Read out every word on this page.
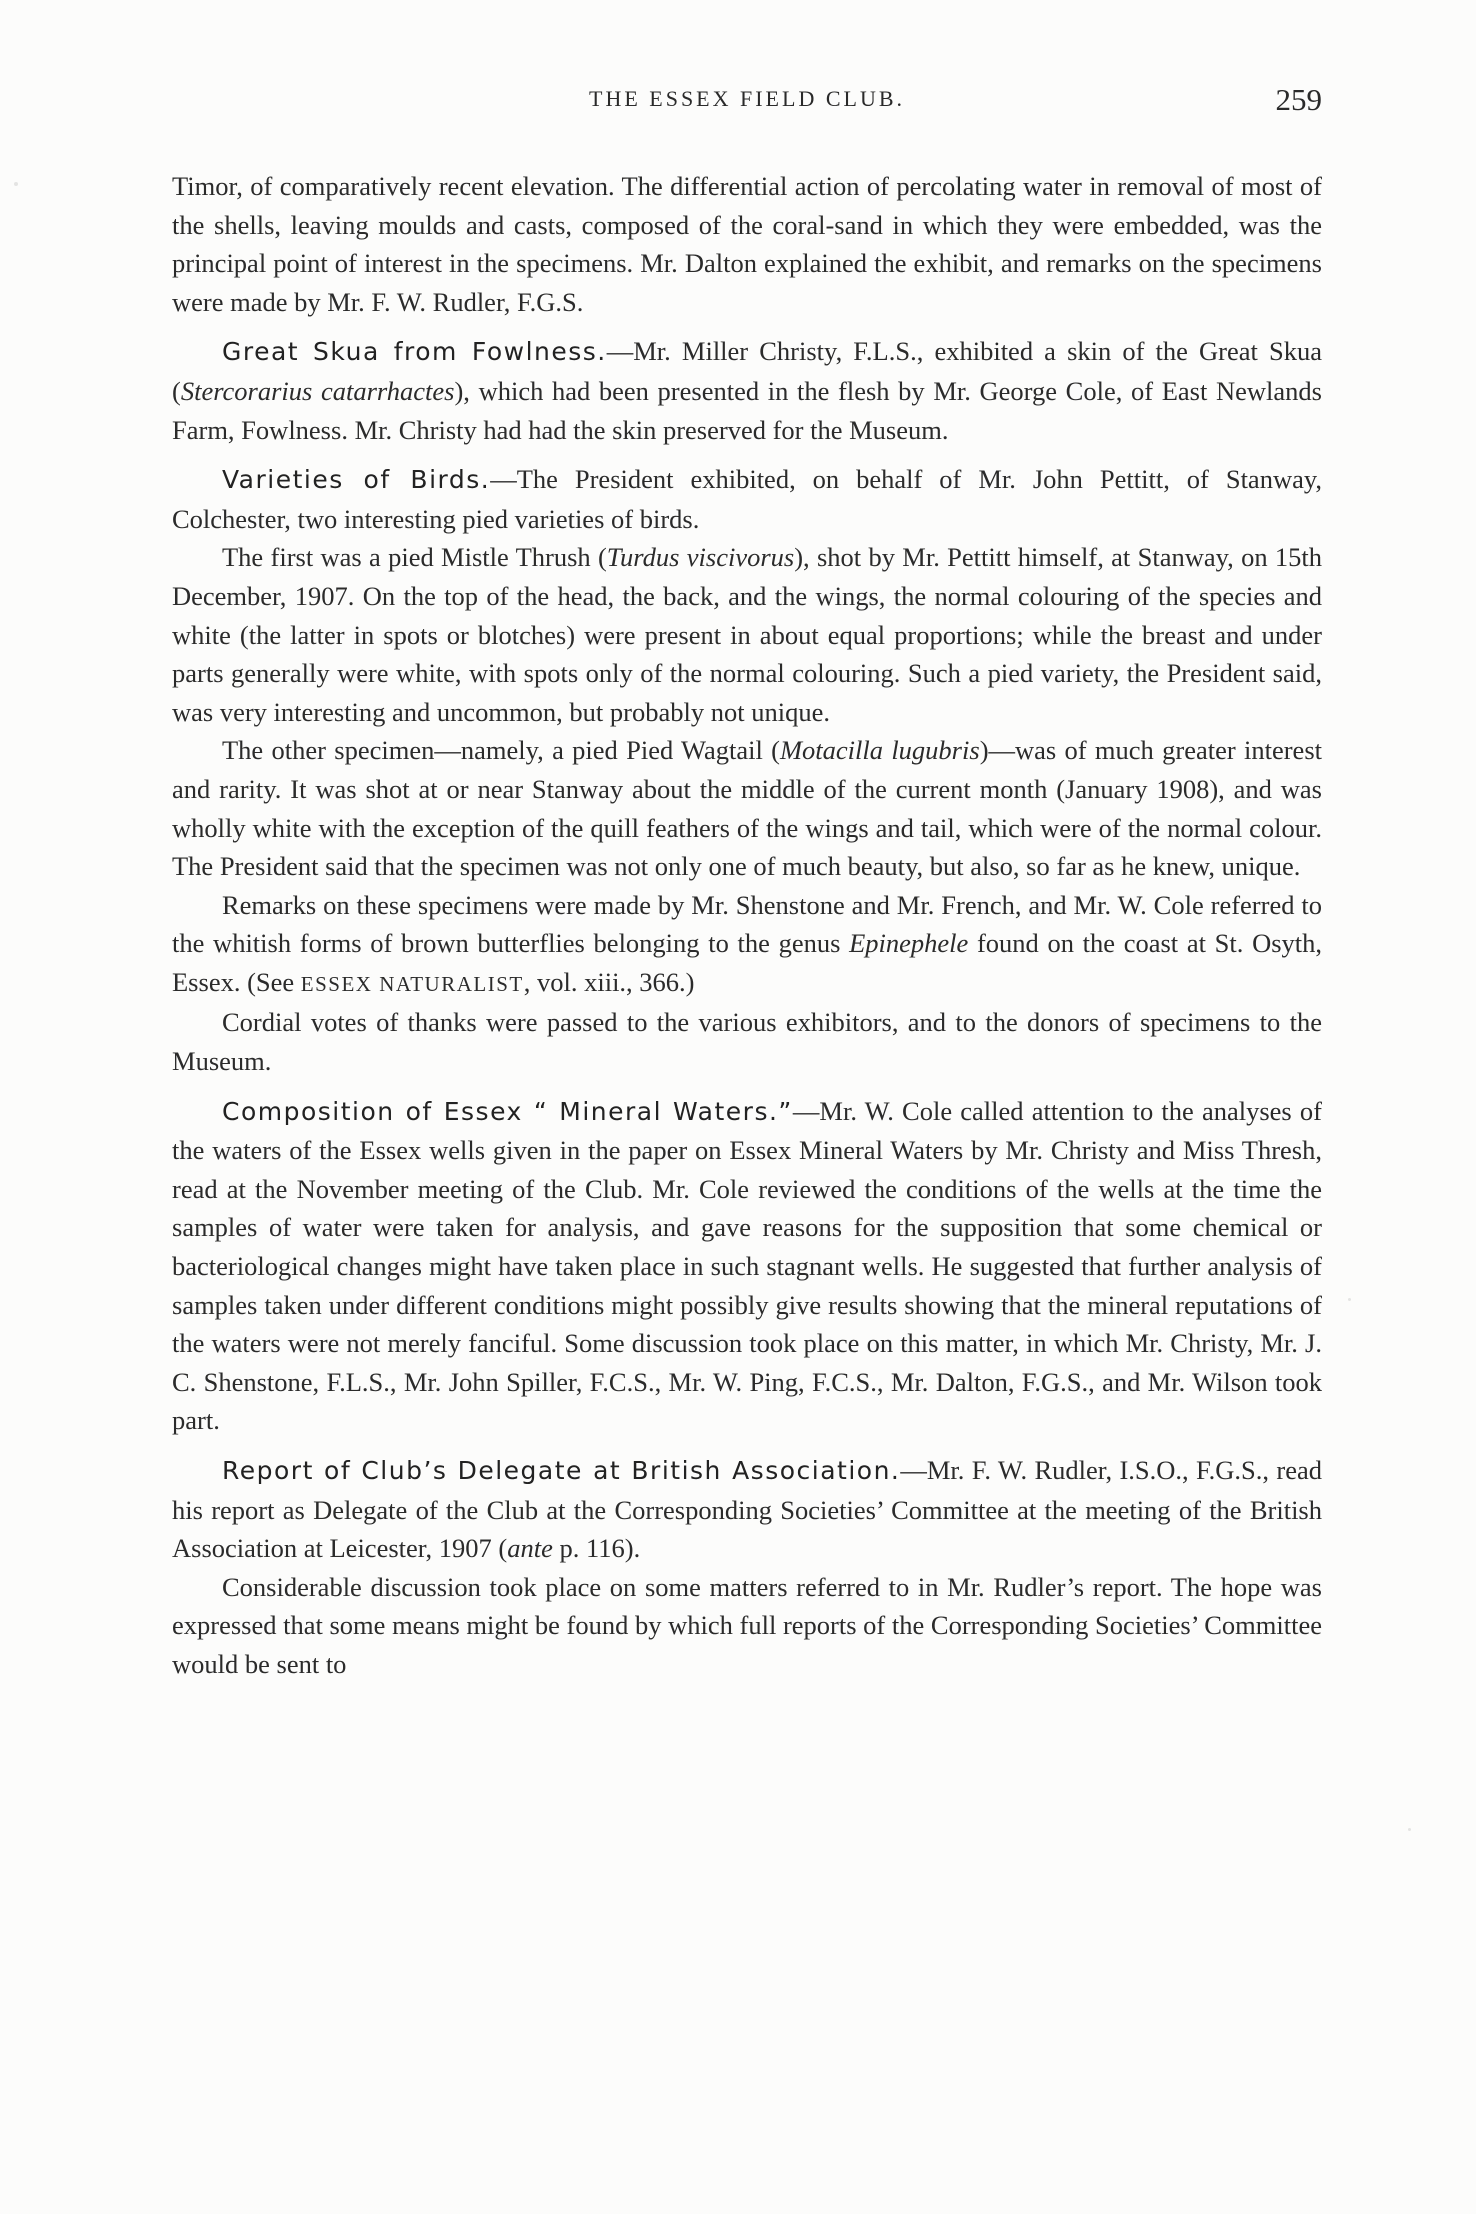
THE ESSEX FIELD CLUB.	259

Timor, of comparatively recent elevation. The differential action of percolating water in removal of most of the shells, leaving moulds and casts, composed of the coral-sand in which they were embedded, was the principal point of interest in the specimens. Mr. Dalton explained the exhibit, and remarks on the specimens were made by Mr. F. W. Rudler, F.G.S.

Great Skua from Fowlness.—Mr. Miller Christy, F.L.S., exhibited a skin of the Great Skua (Stercorarius catarrhactes), which had been presented in the flesh by Mr. George Cole, of East Newlands Farm, Fowlness. Mr. Christy had had the skin preserved for the Museum.

Varieties of Birds.—The President exhibited, on behalf of Mr. John Pettitt, of Stanway, Colchester, two interesting pied varieties of birds.

The first was a pied Mistle Thrush (Turdus viscivorus), shot by Mr. Pettitt himself, at Stanway, on 15th December, 1907. On the top of the head, the back, and the wings, the normal colouring of the species and white (the latter in spots or blotches) were present in about equal proportions; while the breast and under parts generally were white, with spots only of the normal colouring. Such a pied variety, the President said, was very interesting and uncommon, but probably not unique.

The other specimen—namely, a pied Pied Wagtail (Motacilla lugubris)—was of much greater interest and rarity. It was shot at or near Stanway about the middle of the current month (January 1908), and was wholly white with the exception of the quill feathers of the wings and tail, which were of the normal colour. The President said that the specimen was not only one of much beauty, but also, so far as he knew, unique.

Remarks on these specimens were made by Mr. Shenstone and Mr. French, and Mr. W. Cole referred to the whitish forms of brown butterflies belonging to the genus Epinephele found on the coast at St. Osyth, Essex. (See ESSEX NATURALIST, vol. xiii., 366.)

Cordial votes of thanks were passed to the various exhibitors, and to the donors of specimens to the Museum.

Composition of Essex “ Mineral Waters.”—Mr. W. Cole called attention to the analyses of the waters of the Essex wells given in the paper on Essex Mineral Waters by Mr. Christy and Miss Thresh, read at the November meeting of the Club. Mr. Cole reviewed the conditions of the wells at the time the samples of water were taken for analysis, and gave reasons for the supposition that some chemical or bacteriological changes might have taken place in such stagnant wells. He suggested that further analysis of samples taken under different conditions might possibly give results showing that the mineral reputations of the waters were not merely fanciful. Some discussion took place on this matter, in which Mr. Christy, Mr. J. C. Shenstone, F.L.S., Mr. John Spiller, F.C.S., Mr. W. Ping, F.C.S., Mr. Dalton, F.G.S., and Mr. Wilson took part.

Report of Club’s Delegate at British Association.—Mr. F. W. Rudler, I.S.O., F.G.S., read his report as Delegate of the Club at the Corresponding Societies’ Committee at the meeting of the British Association at Leicester, 1907 (ante p. 116).

Considerable discussion took place on some matters referred to in Mr. Rudler’s report. The hope was expressed that some means might be found by which full reports of the Corresponding Societies’ Committee would be sent to
